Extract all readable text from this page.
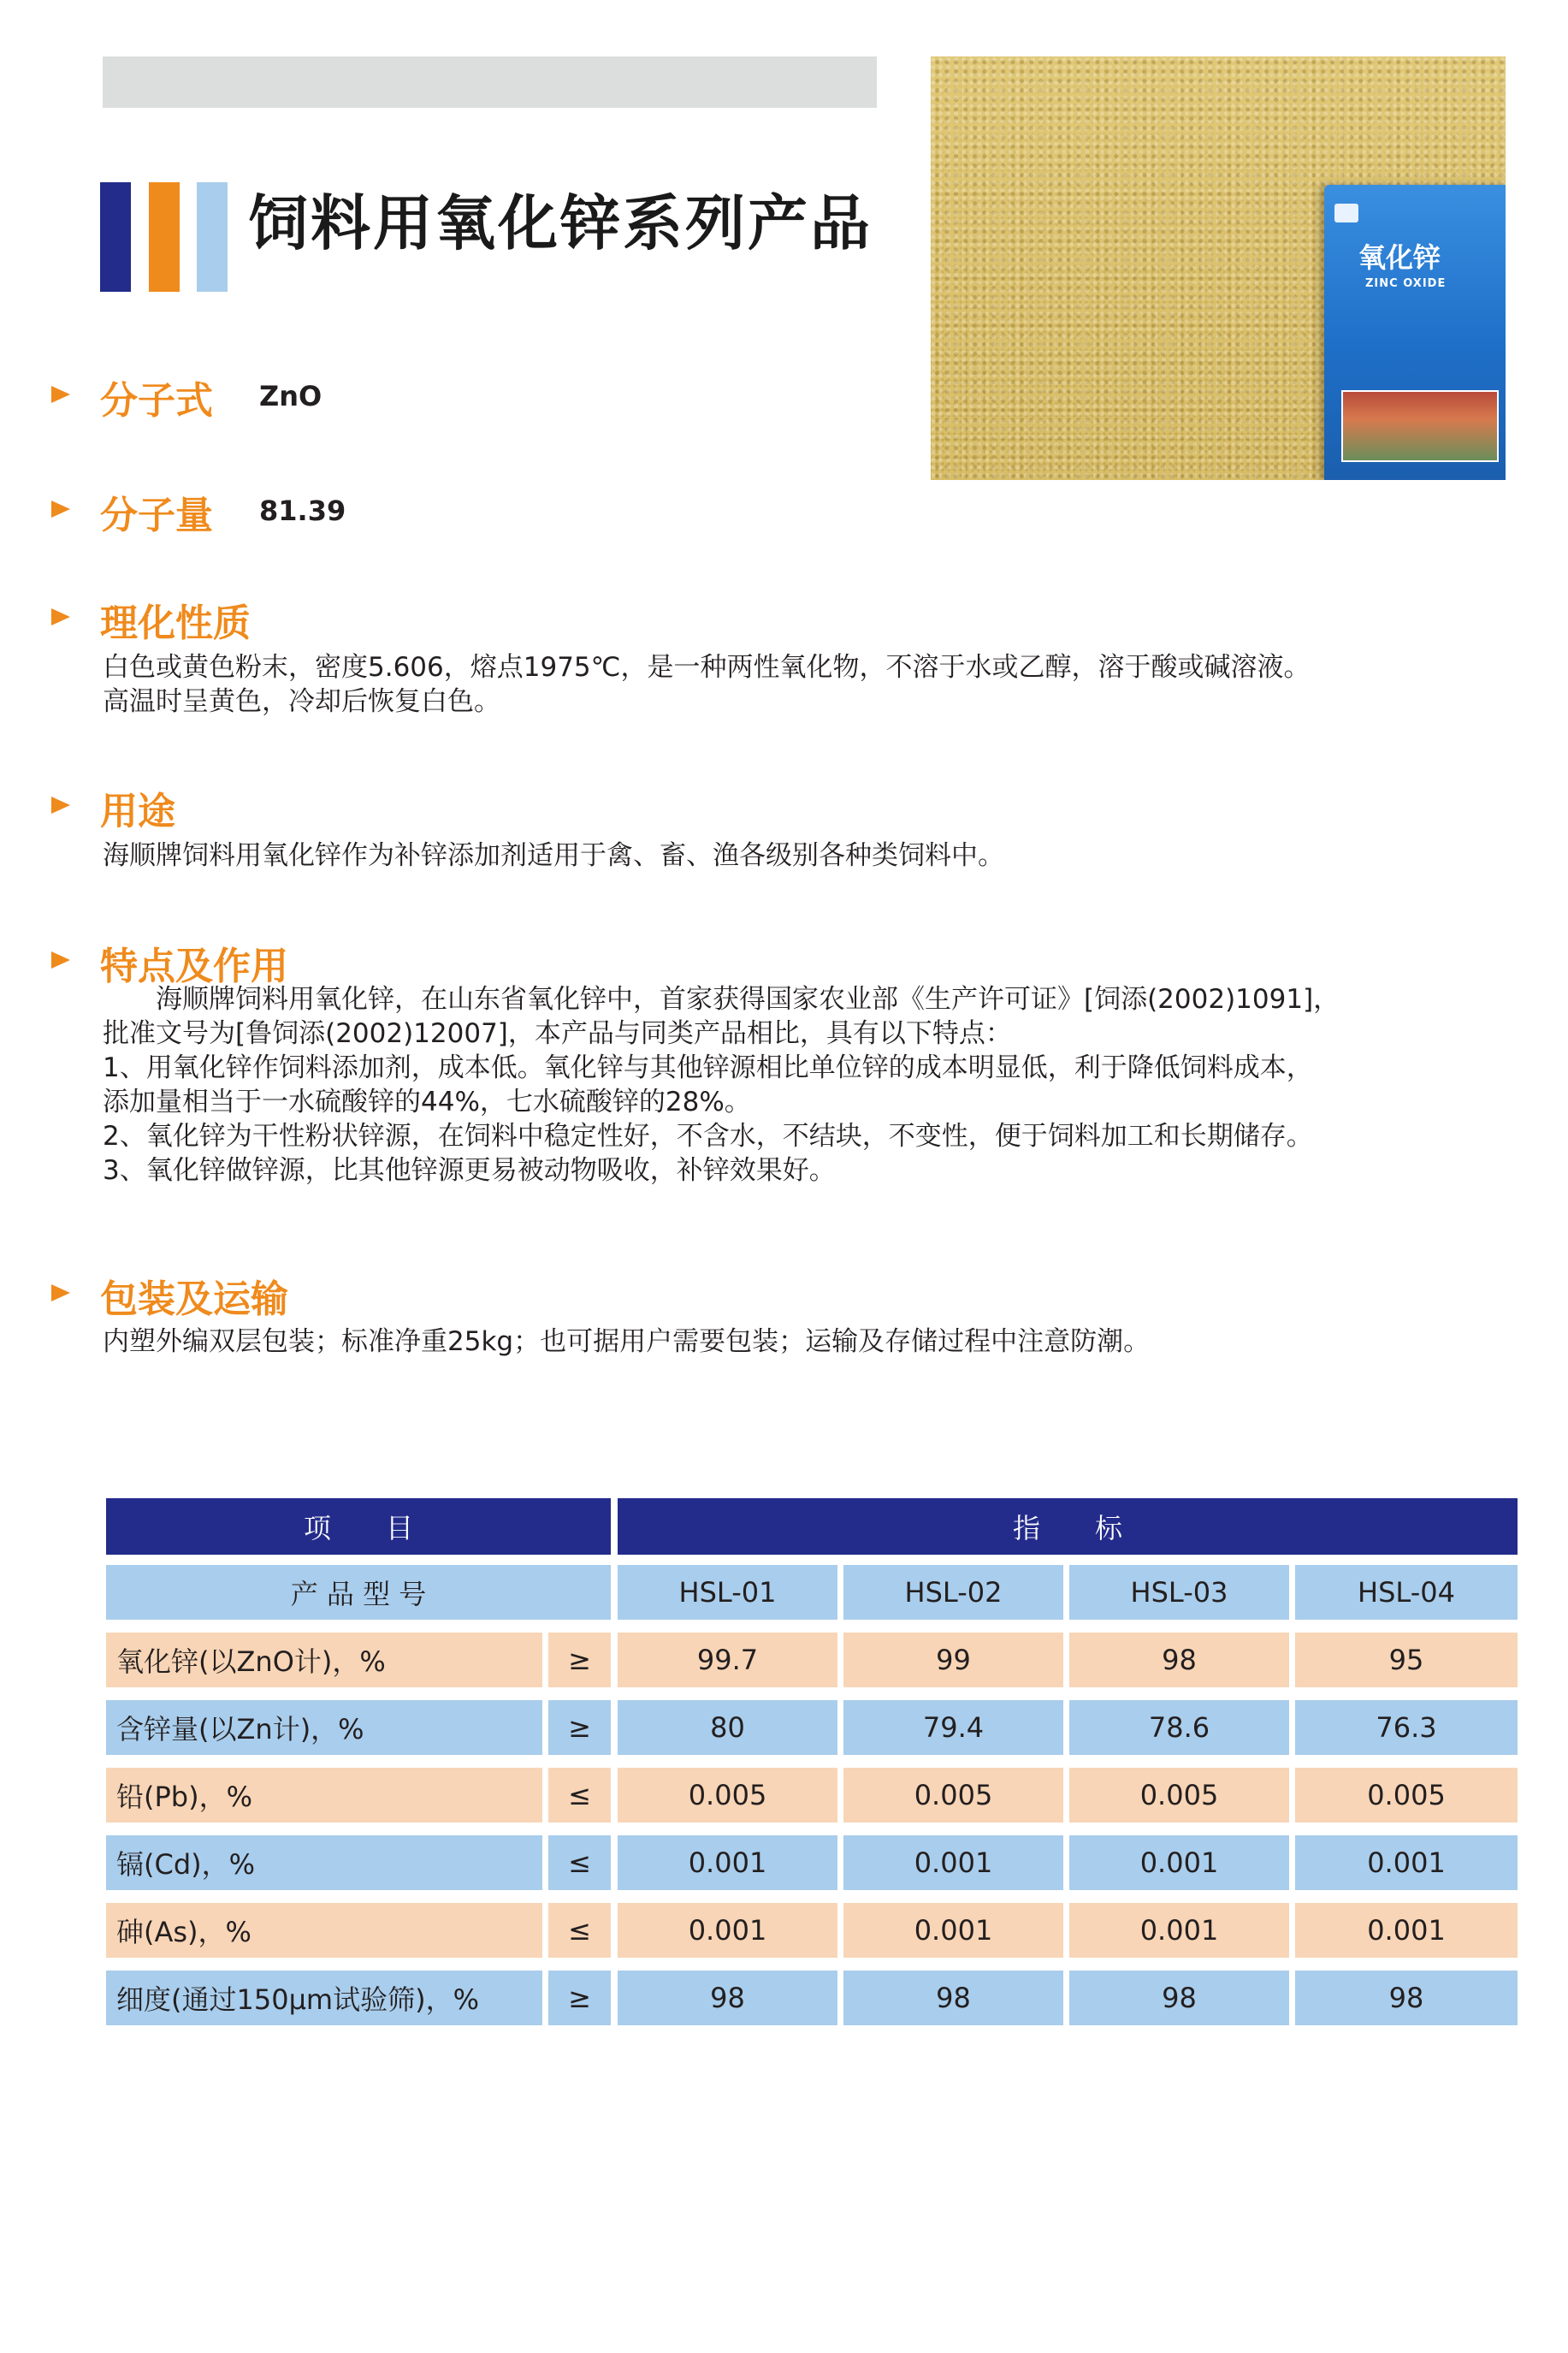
饲料用氧化锌系列产品	氧化锌
ZINC OXIDE
分子式 ZnO
分子量 81.39
理化性质
白色或黄色粉末，密度5.606，熔点1975℃，是一种两性氧化物，不溶于水或乙醇，溶于酸或碱溶液。
高温时呈黄色，冷却后恢复白色。
用途
海顺牌饲料用氧化锌作为补锌添加剂适用于禽、畜、渔各级别各种类饲料中。
特点及作用
　　海顺牌饲料用氧化锌，在山东省氧化锌中，首家获得国家农业部《生产许可证》[饲添(2002)1091]，
批准文号为[鲁饲添(2002)12007]，本产品与同类产品相比，具有以下特点：
1、用氧化锌作饲料添加剂，成本低。氧化锌与其他锌源相比单位锌的成本明显低，利于降低饲料成本，
添加量相当于一水硫酸锌的44%，七水硫酸锌的28%。
2、氧化锌为干性粉状锌源，在饲料中稳定性好，不含水，不结块，不变性，便于饲料加工和长期储存。
3、氧化锌做锌源，比其他锌源更易被动物吸收，补锌效果好。
包装及运输
内塑外编双层包装；标准净重25kg；也可据用户需要包装；运输及存储过程中注意防潮。
项　　目	指　　标
产 品 型 号	HSL-01	HSL-02	HSL-03	HSL-04
氧化锌(以ZnO计)，%	≥	99.7	99	98	95
含锌量(以Zn计)，%	≥	80	79.4	78.6	76.3
铅(Pb)，%	≤	0.005	0.005	0.005	0.005
镉(Cd)，%	≤	0.001	0.001	0.001	0.001
砷(As)，%	≤	0.001	0.001	0.001	0.001
细度(通过150μm试验筛)，%	≥	98	98	98	98
